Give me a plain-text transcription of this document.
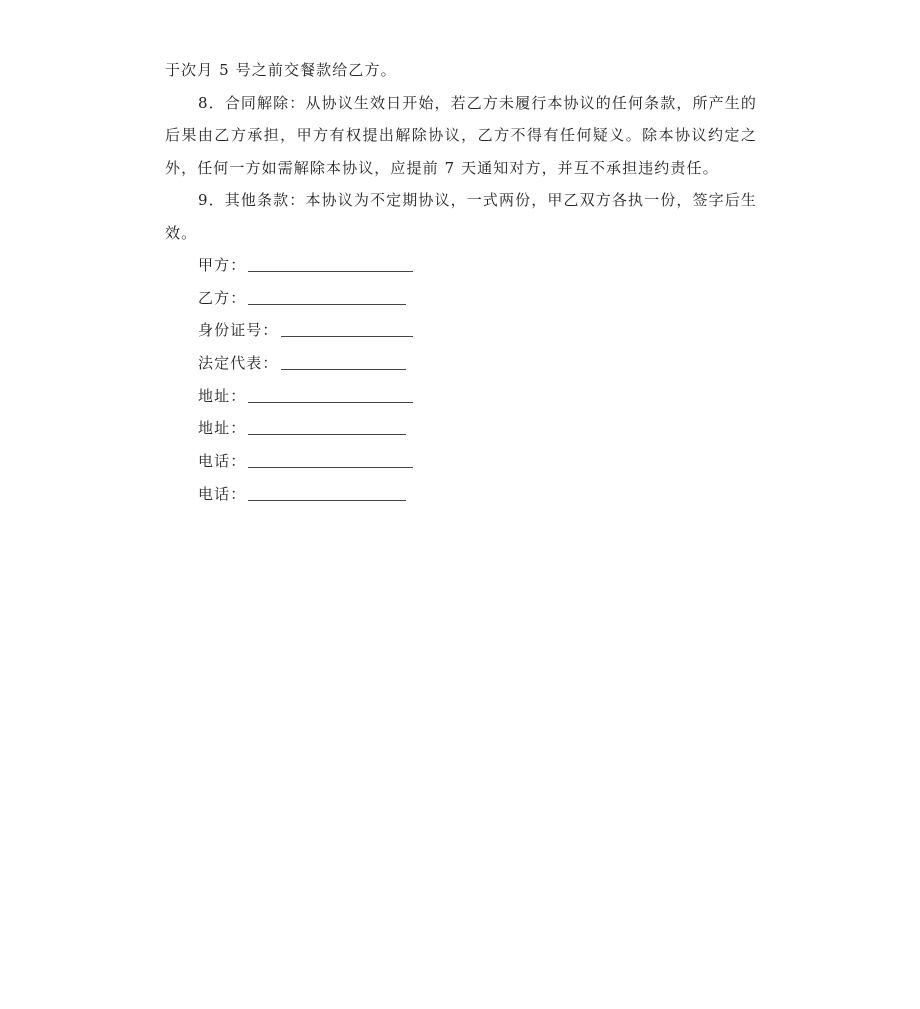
于次月 5 号之前交餐款给乙方。

8．合同解除：从协议生效日开始，若乙方未履行本协议的任何条款，所产生的后果由乙方承担，甲方有权提出解除协议，乙方不得有任何疑义。除本协议约定之外，任何一方如需解除本协议，应提前 7 天通知对方，并互不承担违约责任。

9．其他条款：本协议为不定期协议，一式两份，甲乙双方各执一份，签字后生效。

甲方：
乙方：
身份证号：
法定代表：
地址：
地址：
电话：
电话：
